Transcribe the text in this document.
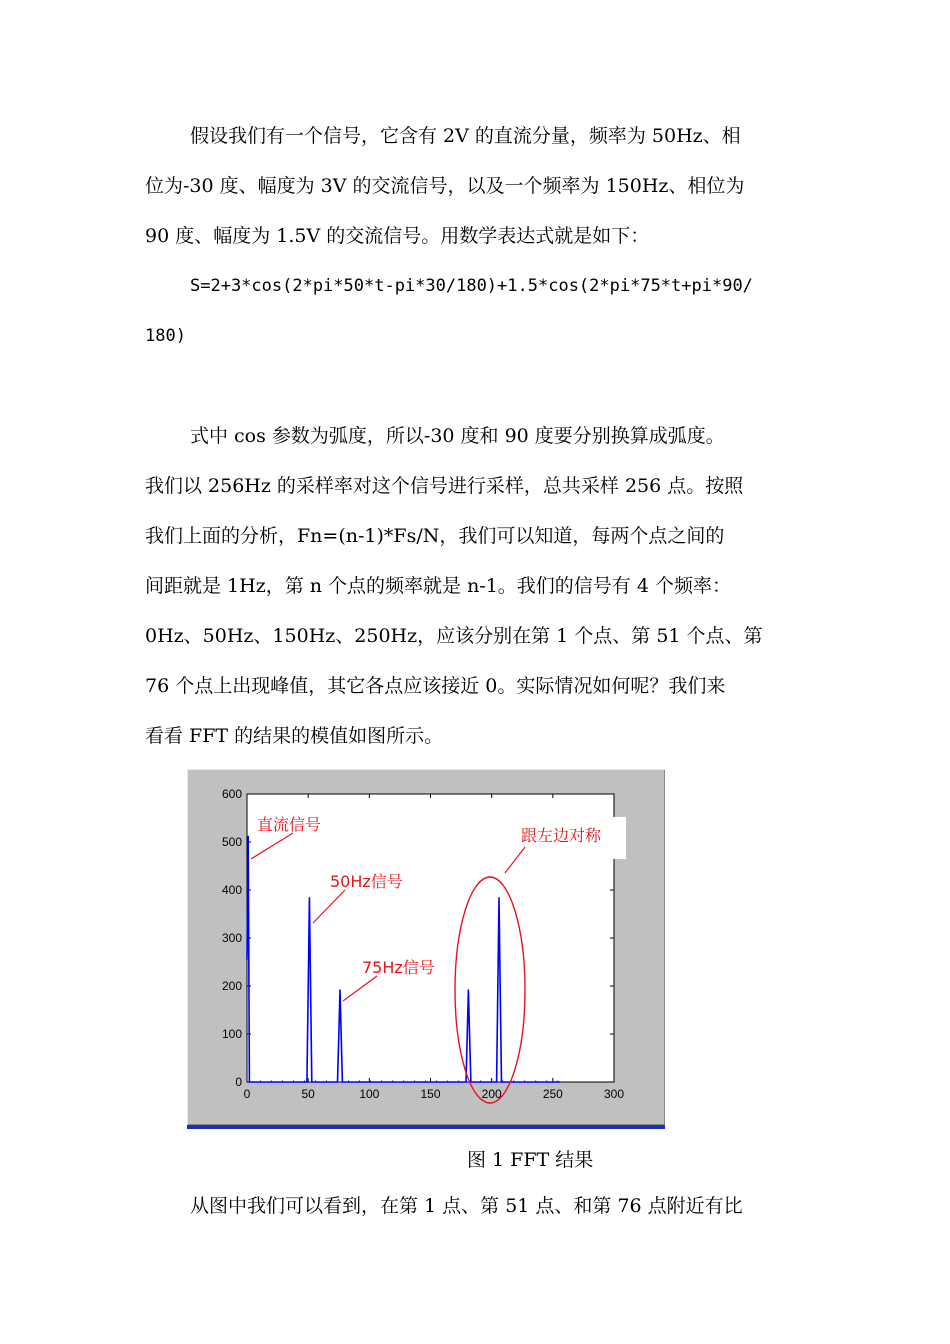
假设我们有一个信号，它含有 2V 的直流分量，频率为 50Hz、相
位为-30 度、幅度为 3V 的交流信号，以及一个频率为 150Hz、相位为
90 度、幅度为 1.5V 的交流信号。用数学表达式就是如下：
S=2+3*cos(2*pi*50*t-pi*30/180)+1.5*cos(2*pi*75*t+pi*90/
180)
式中 cos 参数为弧度，所以-30 度和 90 度要分别换算成弧度。
我们以 256Hz 的采样率对这个信号进行采样，总共采样 256 点。按照
我们上面的分析，Fn=(n-1)*Fs/N，我们可以知道，每两个点之间的
间距就是 1Hz，第 n 个点的频率就是 n-1。我们的信号有 4 个频率：
0Hz、50Hz、150Hz、250Hz，应该分别在第 1 个点、第 51 个点、第
76 个点上出现峰值，其它各点应该接近 0。实际情况如何呢？我们来
看看 FFT 的结果的模值如图所示。
0	50	100	150	200	250	300
0
100
200
300
400
500
600
直流信号
50Hz信号
75Hz信号
跟左边对称
图 1 FFT 结果
从图中我们可以看到，在第 1 点、第 51 点、和第 76 点附近有比
